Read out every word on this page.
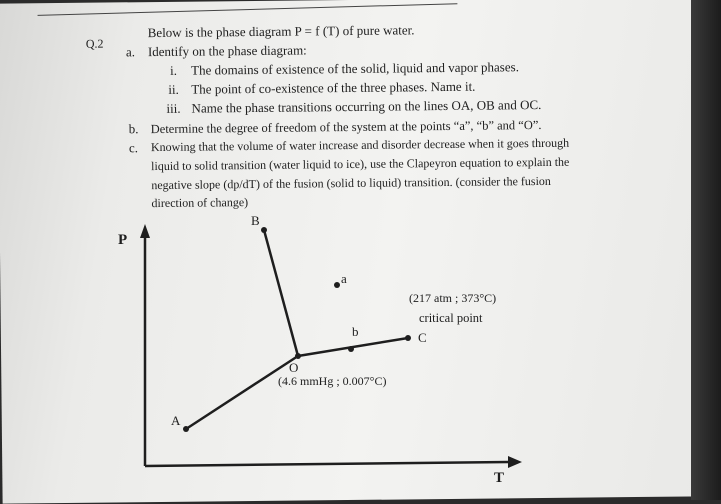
Q.2
Below is the phase diagram P = f (T) of pure water.
a. Identify on the phase diagram:
i. The domains of existence of the solid, liquid and vapor phases.
ii. The point of co-existence of the three phases. Name it.
iii. Name the phase transitions occurring on the lines OA, OB and OC.
b. Determine the degree of freedom of the system at the points “a”, “b” and “O”.
c. Knowing that the volume of water increase and disorder decrease when it goes through
liquid to solid transition (water liquid to ice), use the Clapeyron equation to explain the
negative slope (dp/dT) of the fusion (solid to liquid) transition. (consider the fusion
direction of change)
P
T
A
B
O
a
b	C
(4.6 mmHg ; 0.007°C)
(217 atm ; 373°C)
critical point
